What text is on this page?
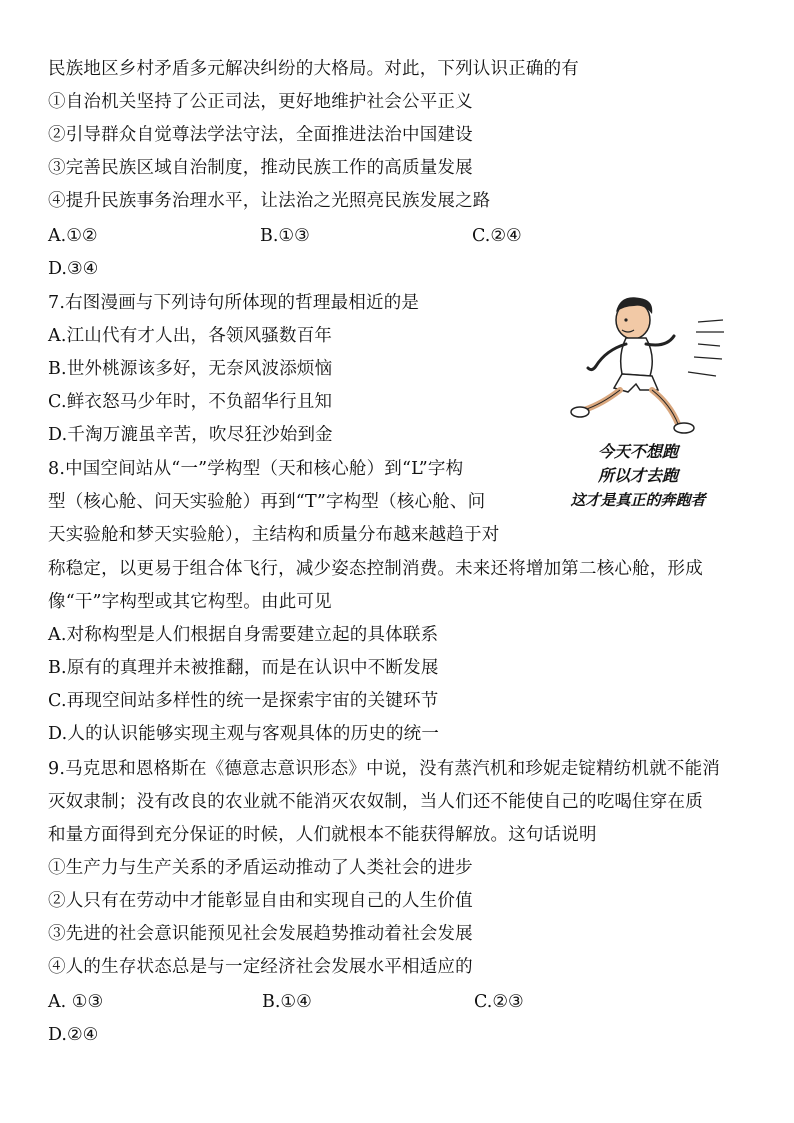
民族地区乡村矛盾多元解决纠纷的大格局。对此，下列认识正确的有
①自治机关坚持了公正司法，更好地维护社会公平正义
②引导群众自觉尊法学法守法，全面推进法治中国建设
③完善民族区域自治制度，推动民族工作的高质量发展
④提升民族事务治理水平，让法治之光照亮民族发展之路
A.①②	B.①③	C.②④
D.③④
7.右图漫画与下列诗句所体现的哲理最相近的是
A.江山代有才人出，各领风骚数百年
B.世外桃源该多好，无奈风波添烦恼
C.鲜衣怒马少年时，不负韶华行且知
D.千淘万漉虽辛苦，吹尽狂沙始到金
今天不想跑
所以才去跑
这才是真正的奔跑者
8.中国空间站从“一”学构型（天和核心舱）到“L”字构
型（核心舱、问天实验舱）再到“T”字构型（核心舱、问
天实验舱和梦天实验舱），主结构和质量分布越来越趋于对
称稳定，以更易于组合体飞行，减少姿态控制消费。未来还将增加第二核心舱，形成
像“干”字构型或其它构型。由此可见
A.对称构型是人们根据自身需要建立起的具体联系
B.原有的真理并未被推翻，而是在认识中不断发展
C.再现空间站多样性的统一是探索宇宙的关键环节
D.人的认识能够实现主观与客观具体的历史的统一
9.马克思和恩格斯在《德意志意识形态》中说，没有蒸汽机和珍妮走锭精纺机就不能消
灭奴隶制；没有改良的农业就不能消灭农奴制，当人们还不能使自己的吃喝住穿在质
和量方面得到充分保证的时候，人们就根本不能获得解放。这句话说明
①生产力与生产关系的矛盾运动推动了人类社会的进步
②人只有在劳动中才能彰显自由和实现自己的人生价值
③先进的社会意识能预见社会发展趋势推动着社会发展
④人的生存状态总是与一定经济社会发展水平相适应的
A. ①③	B.①④	C.②③
D.②④
